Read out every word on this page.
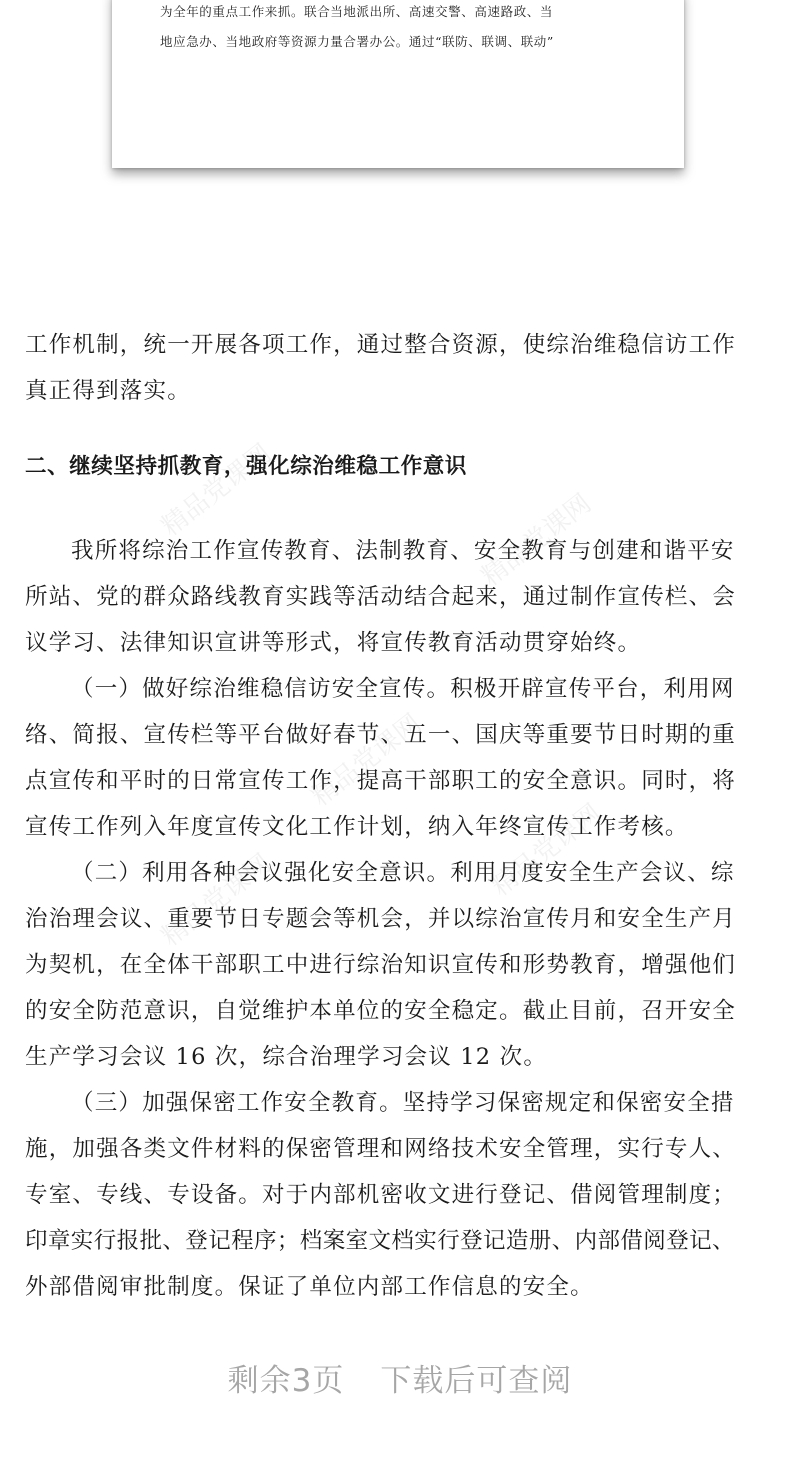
为全年的重点工作来抓。联合当地派出所、高速交警、高速路政、当
地应急办、当地政府等资源力量合署办公。通过“联防、联调、联动”
精品党课网	精品党课网
精品党课网
精品党课网	精品党课网
工作机制，统一开展各项工作，通过整合资源，使综治维稳信访工作
真正得到落实。
二、继续坚持抓教育，强化综治维稳工作意识
我所将综治工作宣传教育、法制教育、安全教育与创建和谐平安
所站、党的群众路线教育实践等活动结合起来，通过制作宣传栏、会
议学习、法律知识宣讲等形式，将宣传教育活动贯穿始终。
（一）做好综治维稳信访安全宣传。积极开辟宣传平台，利用网
络、简报、宣传栏等平台做好春节、五一、国庆等重要节日时期的重
点宣传和平时的日常宣传工作，提高干部职工的安全意识。同时，将
宣传工作列入年度宣传文化工作计划，纳入年终宣传工作考核。
（二）利用各种会议强化安全意识。利用月度安全生产会议、综
治治理会议、重要节日专题会等机会，并以综治宣传月和安全生产月
为契机，在全体干部职工中进行综治知识宣传和形势教育，增强他们
的安全防范意识，自觉维护本单位的安全稳定。截止目前，召开安全
生产学习会议 16 次，综合治理学习会议 12 次。
（三）加强保密工作安全教育。坚持学习保密规定和保密安全措
施，加强各类文件材料的保密管理和网络技术安全管理，实行专人、
专室、专线、专设备。对于内部机密收文进行登记、借阅管理制度；
印章实行报批、登记程序；档案室文档实行登记造册、内部借阅登记、
外部借阅审批制度。保证了单位内部工作信息的安全。
剩余3页 下载后可查阅
